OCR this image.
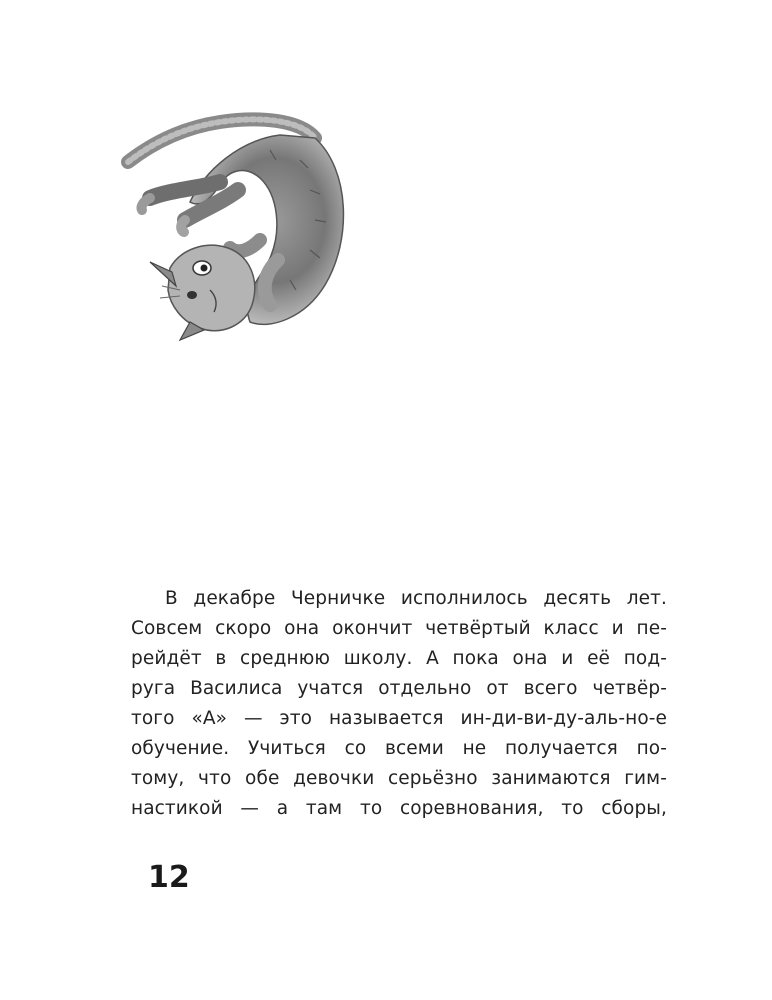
В декабре Черничке исполнилось десять лет.
Совсем скоро она окончит четвёртый класс и пе-
рейдёт в среднюю школу. А пока она и её под-
руга Василиса учатся отдельно от всего четвёр-
того «А» — это называется ин-ди-ви-ду-аль-но-е
обучение. Учиться со всеми не получается по-
тому, что обе девочки серьёзно занимаются гим-
настикой — а там то соревнования, то сборы,
12
